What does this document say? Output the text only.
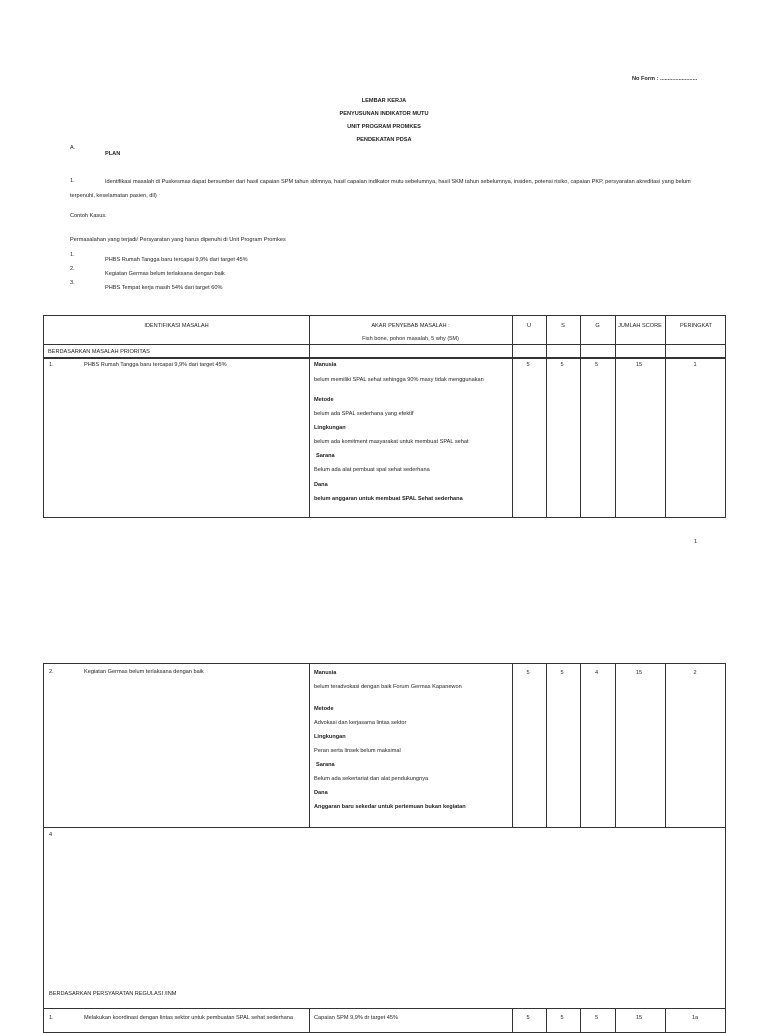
No Form : ........................
LEMBAR KERJA
PENYUSUNAN INDIKATOR MUTU
UNIT PROGRAM PROMKES
PENDEKATAN PDSA
A.
PLAN
1.	Identifikasi masalah di Puskesmas dapat bersumber dari hasil capaian SPM tahun sblmnya, hasil capaian indikator mutu sebelumnya, hasil SKM tahun sebelumnya, insiden, potensi risiko, capaian PKP, persyaratan akreditasi yang belum
terpenuhi, keselamatan pasien, dll)
Contoh Kasus.
Permasalahan yang terjadi/ Persyaratan yang harus dipenuhi di Unit Program Promkes
1.
PHBS Rumah Tangga baru tercapai 9,9% dari target 45%
2.
Kegiatan Germas belum terlaksana dengan baik
3.
PHBS Tempat kerja masih 54% dari target 60%
IDENTIFIKASI MASALAH	AKAR PENYEBAB MASALAH :
Fish bone, pohon masalah, 5 why (5M)
U	S	G	JUMLAH SCORE	PERINGKAT
BERDASARKAN MASALAH PRIORITAS
1.	PHBS Rumah Tangga baru tercapai 9,9% dari target 45%	Manusia
belum memiliki SPAL sehat sehingga 90% masy tidak menggunakan
Metode
belum ada SPAL sederhana yang efektif
Lingkungan
belum ada komitment masyarakat untuk membuat SPAL sehat
Sarana
Belum ada alat pembuat spal sehat sederhana
Dana
belum anggaran untuk membuat SPAL Sehat sederhana
5	5	5	15	1
1
2.	Kegiatan Germas belum terlaksana dengan baik	Manusia
belum teradvokasi dengan baik Forum Germas Kapanewon
Metode
Advokasi dan kerjasama lintas sektor
Lingkungan
Peran serta linsek belum maksimal
Sarana
Belum ada sekertariat dan alat pendukungnya
Dana
Anggaran baru sekedar untuk pertemuan bukan kegiatan
5	5	4	15	2
4
BERDASARKAN PERSYARATAN REGULASI /INM
1.	Melakukan koordinasi dengan lintas sektor untuk pembuatan SPAL sehat sederhana	Capaian SPM 9,9% dr target 45%	5	5	5	15	1a
